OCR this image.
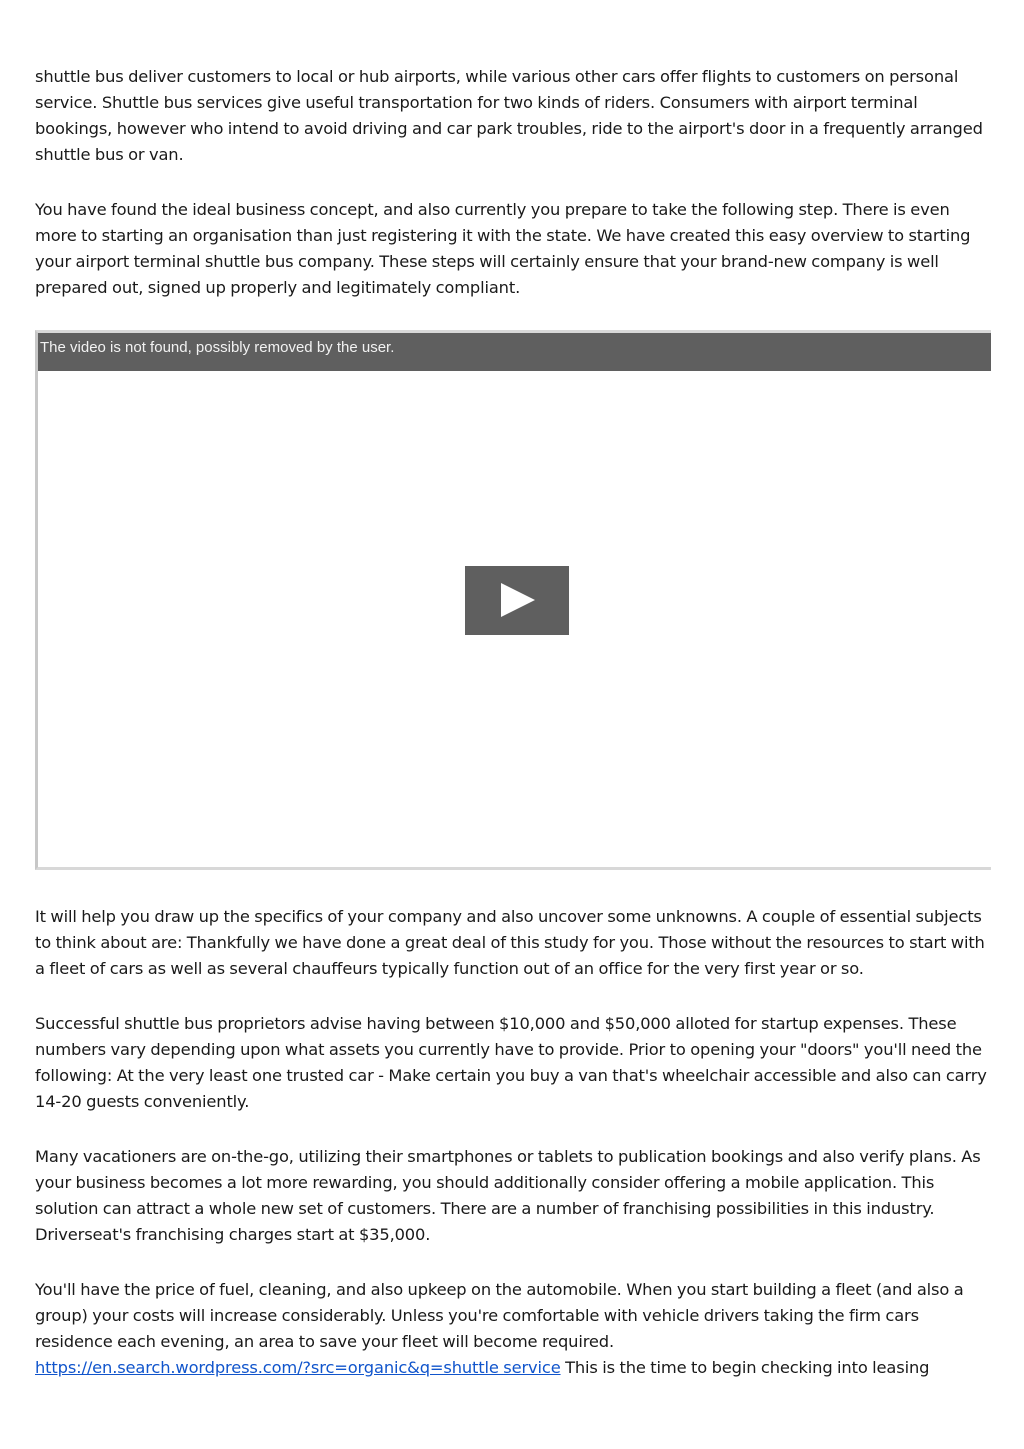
shuttle bus deliver customers to local or hub airports, while various other cars offer flights to customers on personal service. Shuttle bus services give useful transportation for two kinds of riders. Consumers with airport terminal bookings, however who intend to avoid driving and car park troubles, ride to the airport's door in a frequently arranged shuttle bus or van.

You have found the ideal business concept, and also currently you prepare to take the following step. There is even more to starting an organisation than just registering it with the state. We have created this easy overview to starting your airport terminal shuttle bus company. These steps will certainly ensure that your brand-new company is well prepared out, signed up properly and legitimately compliant.

The video is not found, possibly removed by the user.

It will help you draw up the specifics of your company and also uncover some unknowns. A couple of essential subjects to think about are: Thankfully we have done a great deal of this study for you. Those without the resources to start with a fleet of cars as well as several chauffeurs typically function out of an office for the very first year or so.

Successful shuttle bus proprietors advise having between $10,000 and $50,000 alloted for startup expenses. These numbers vary depending upon what assets you currently have to provide. Prior to opening your "doors" you'll need the following: At the very least one trusted car - Make certain you buy a van that's wheelchair accessible and also can carry 14-20 guests conveniently.

Many vacationers are on-the-go, utilizing their smartphones or tablets to publication bookings and also verify plans. As your business becomes a lot more rewarding, you should additionally consider offering a mobile application. This solution can attract a whole new set of customers. There are a number of franchising possibilities in this industry. Driverseat's franchising charges start at $35,000.

You'll have the price of fuel, cleaning, and also upkeep on the automobile. When you start building a fleet (and also a group) your costs will increase considerably. Unless you're comfortable with vehicle drivers taking the firm cars residence each evening, an area to save your fleet will become required.
https://en.search.wordpress.com/?src=organic&q=shuttle service This is the time to begin checking into leasing
